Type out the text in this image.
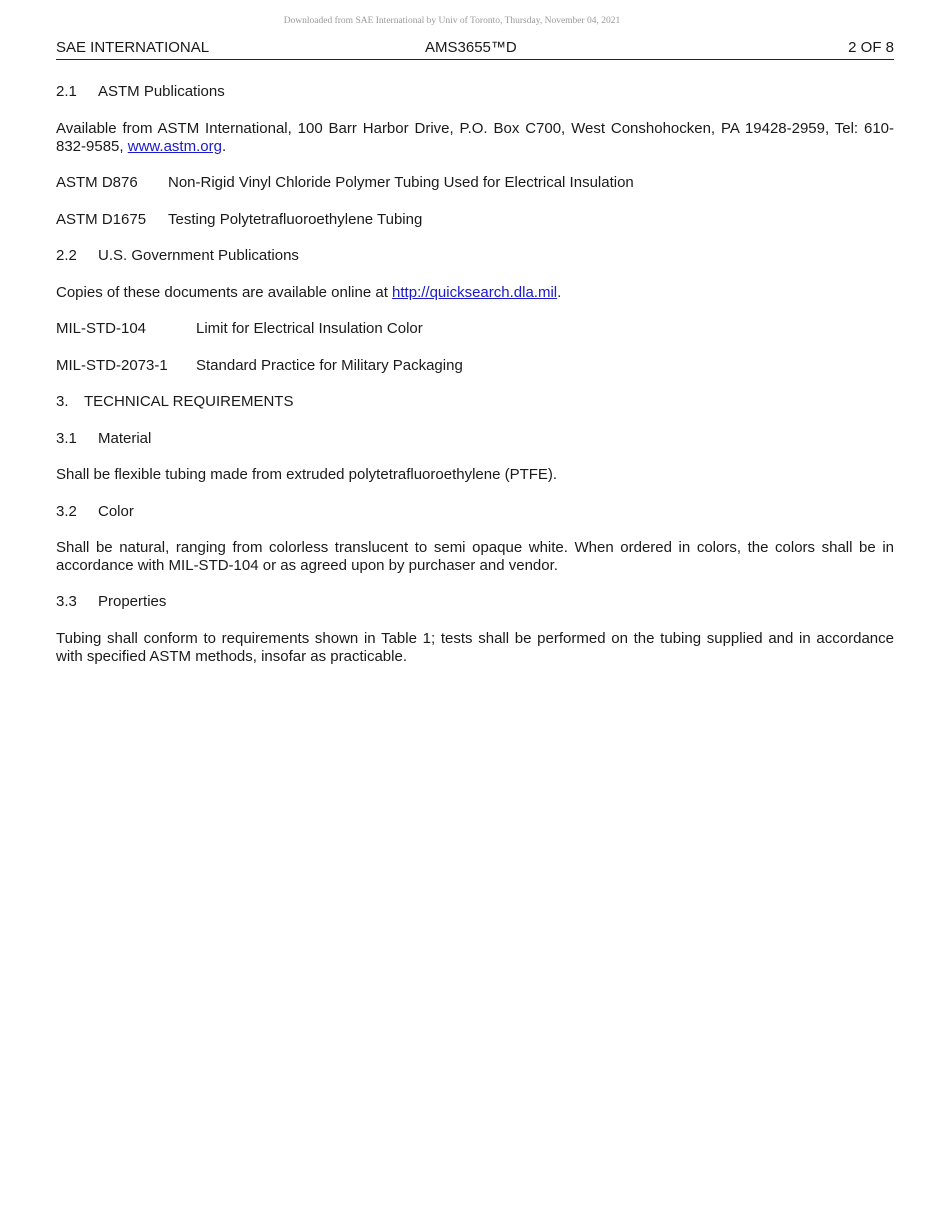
Downloaded from SAE International by Univ of Toronto, Thursday, November 04, 2021
SAE INTERNATIONAL	AMS3655™D	2 OF 8
2.1 ASTM Publications
Available from ASTM International, 100 Barr Harbor Drive, P.O. Box C700, West Conshohocken, PA 19428-2959, Tel: 610-832-9585, www.astm.org.
ASTM D876 Non-Rigid Vinyl Chloride Polymer Tubing Used for Electrical Insulation
ASTM D1675 Testing Polytetrafluoroethylene Tubing
2.2 U.S. Government Publications
Copies of these documents are available online at http://quicksearch.dla.mil.
MIL-STD-104	Limit for Electrical Insulation Color
MIL-STD-2073-1 Standard Practice for Military Packaging
3. TECHNICAL REQUIREMENTS
3.1 Material
Shall be flexible tubing made from extruded polytetrafluoroethylene (PTFE).
3.2 Color
Shall be natural, ranging from colorless translucent to semi opaque white. When ordered in colors, the colors shall be in accordance with MIL-STD-104 or as agreed upon by purchaser and vendor.
3.3 Properties
Tubing shall conform to requirements shown in Table 1; tests shall be performed on the tubing supplied and in accordance with specified ASTM methods, insofar as practicable.
